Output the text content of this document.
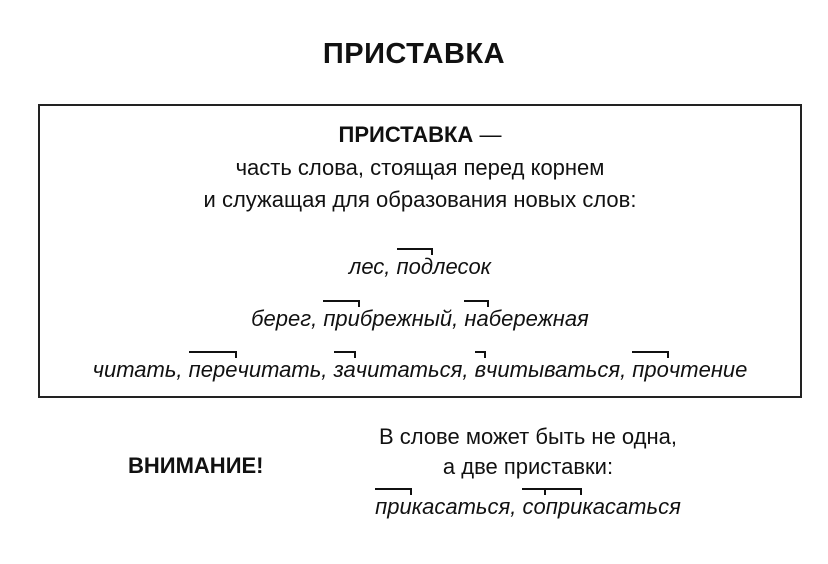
ПРИСТАВКА
ПРИСТАВКА —
часть слова, стоящая перед корнем
и служащая для образования новых слов:
лес, подлесок
берег, прибрежный, набережная
читать, перечитать, зачитаться, вчитываться, прочтение
ВНИМАНИЕ!
В слове может быть не одна,
а две приставки:
прикасаться, соприкасаться
